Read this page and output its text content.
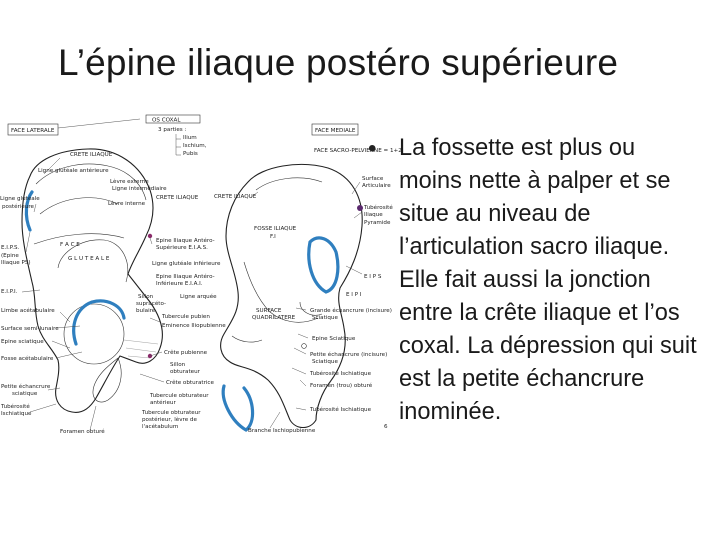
L’épine iliaque postéro supérieure
OS COXAL
3 parties :
Ilium
Ischium,
Pubis
FACE LATERALE	FACE MEDIALE
CRETE ILIAQUE
Ligne glutéale antérieure
Lèvre externe
Ligne intermédiaire
Lèvre interne
CRETE ILIAQUE
Ligne glutéale
postérieure
E.I.P.S.
(Epine
Iliaque PS)
F A C E
G L U T E A L E
Epine Iliaque Antéro-
Supérieure E.I.A.S.
Ligne glutéale inférieure
Epine Iliaque Antéro-
Inférieure E.I.A.I.
E.I.P.I.
Sillon
supracéto-
bulaire
Ligne arquée
Limbe acétabulaire
Surface semi-lunaire
Epine sciatique
Fosse acétabulaire
Petite échancrure
sciatique
Tubérosité
Ischiatique
Foramen obturé
Tubercule pubien
Eminence Iliopubienne
Crête pubienne
Sillon
obturateur
Crête obturatrice
Tubercule obturateur
antérieur
Tubercule obturateur
postérieur, lèvre de
l'acétabulum
FACE SACRO-PELVIENNE = 1+2
CRETE ILIAQUE
FOSSE ILIAQUE
F.I
Surface
Articulaire
Tubérosité
Iliaque
Pyramide
E I P S
E I P I
SURFACE
QUADRILATERE
Grande échancrure (incisure)
Sciatique
Epine Sciatique
Petite échancrure (incisure)
Sciatique
Tubérosité Ischiatique
Foramen (trou) obturé
Tubérosité Ischiatique
Branche Ischiopubienne
6
• La fossette est plus ou moins nette à palper et se situe au niveau de l’articulation sacro iliaque. Elle fait aussi la jonction entre la crête iliaque et l’os coxal. La dépression qui suit est la petite échancrure inominée.
